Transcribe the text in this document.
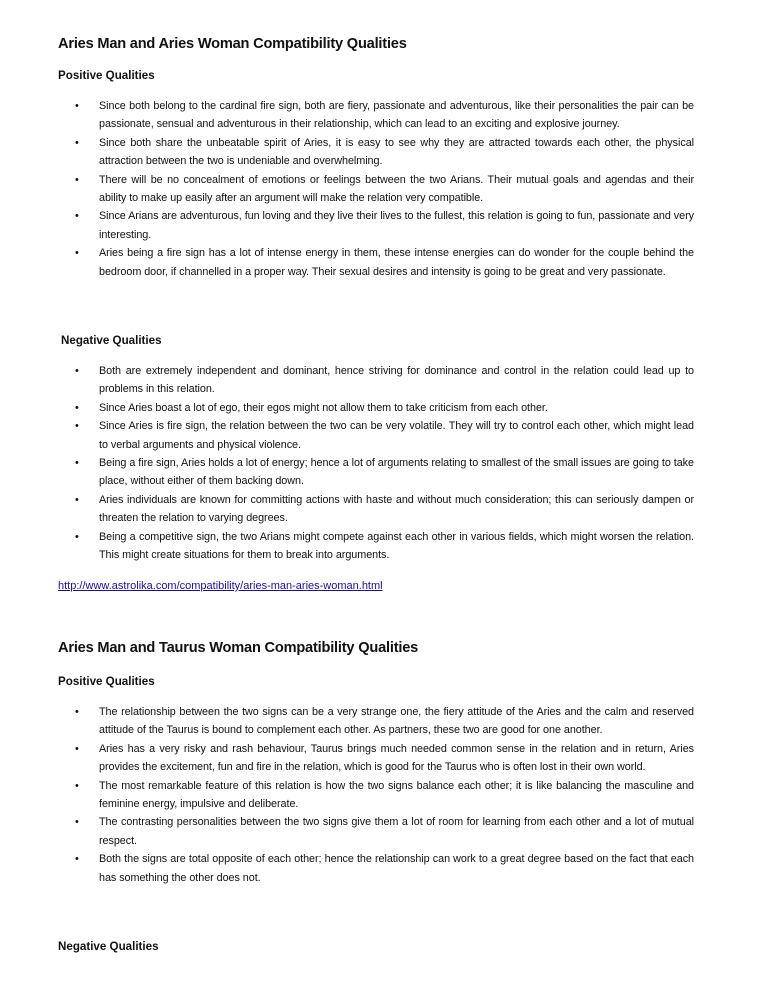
Aries Man and Aries Woman Compatibility Qualities
Positive Qualities
• Since both belong to the cardinal fire sign, both are fiery, passionate and adventurous, like their personalities the pair can be passionate, sensual and adventurous in their relationship, which can lead to an exciting and explosive journey.
• Since both share the unbeatable spirit of Aries, it is easy to see why they are attracted towards each other, the physical attraction between the two is undeniable and overwhelming.
• There will be no concealment of emotions or feelings between the two Arians. Their mutual goals and agendas and their ability to make up easily after an argument will make the relation very compatible.
• Since Arians are adventurous, fun loving and they live their lives to the fullest, this relation is going to fun, passionate and very interesting.
• Aries being a fire sign has a lot of intense energy in them, these intense energies can do wonder for the couple behind the bedroom door, if channelled in a proper way. Their sexual desires and intensity is going to be great and very passionate.
Negative Qualities
• Both are extremely independent and dominant, hence striving for dominance and control in the relation could lead up to problems in this relation.
• Since Aries boast a lot of ego, their egos might not allow them to take criticism from each other.
• Since Aries is fire sign, the relation between the two can be very volatile. They will try to control each other, which might lead to verbal arguments and physical violence.
• Being a fire sign, Aries holds a lot of energy; hence a lot of arguments relating to smallest of the small issues are going to take place, without either of them backing down.
• Aries individuals are known for committing actions with haste and without much consideration; this can seriously dampen or threaten the relation to varying degrees.
• Being a competitive sign, the two Arians might compete against each other in various fields, which might worsen the relation. This might create situations for them to break into arguments.
http://www.astrolika.com/compatibility/aries-man-aries-woman.html
Aries Man and Taurus Woman Compatibility Qualities
Positive Qualities
• The relationship between the two signs can be a very strange one, the fiery attitude of the Aries and the calm and reserved attitude of the Taurus is bound to complement each other. As partners, these two are good for one another.
• Aries has a very risky and rash behaviour, Taurus brings much needed common sense in the relation and in return, Aries provides the excitement, fun and fire in the relation, which is good for the Taurus who is often lost in their own world.
• The most remarkable feature of this relation is how the two signs balance each other; it is like balancing the masculine and feminine energy, impulsive and deliberate.
• The contrasting personalities between the two signs give them a lot of room for learning from each other and a lot of mutual respect.
• Both the signs are total opposite of each other; hence the relationship can work to a great degree based on the fact that each has something the other does not.
Negative Qualities
